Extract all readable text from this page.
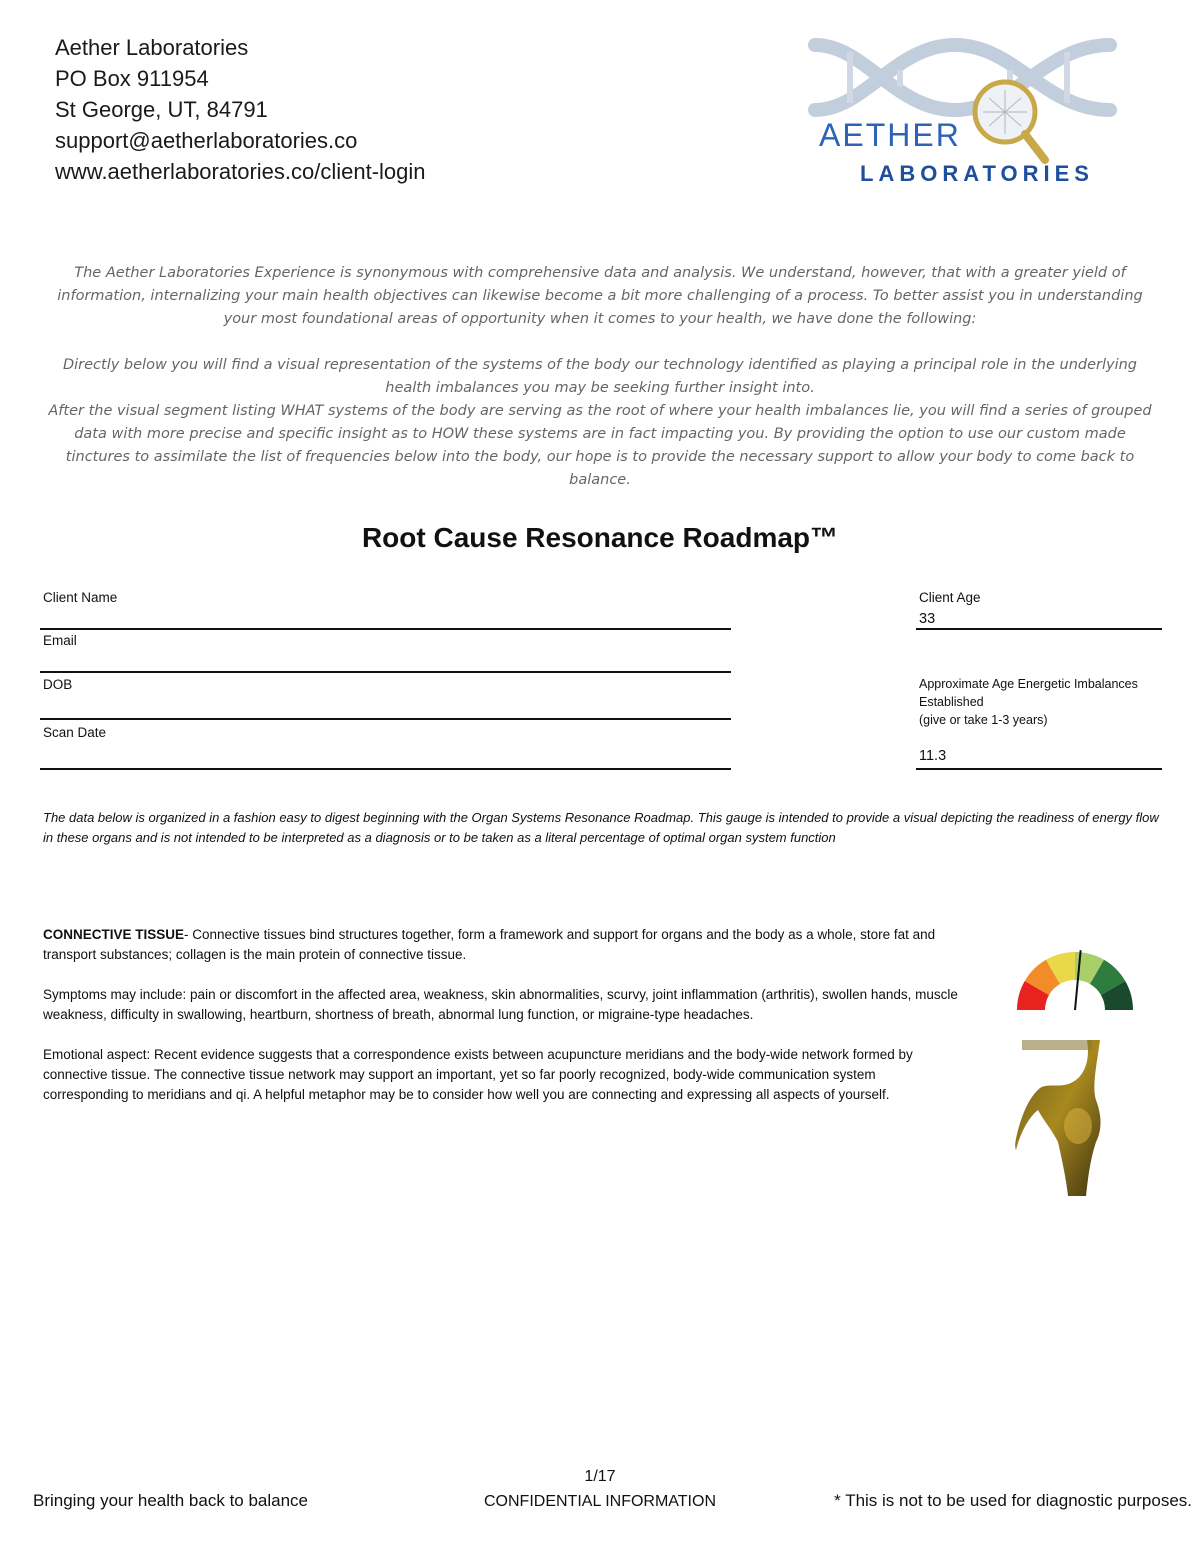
Aether Laboratories
PO Box 911954
St George, UT, 84791
support@aetherlaboratories.co
www.aetherlaboratories.co/client-login
AETHER
LABORATORIES

The Aether Laboratories Experience is synonymous with comprehensive data and analysis. We understand, however, that with a greater yield of information, internalizing your main health objectives can likewise become a bit more challenging of a process. To better assist you in understanding your most foundational areas of opportunity when it comes to your health, we have done the following:

Directly below you will find a visual representation of the systems of the body our technology identified as playing a principal role in the underlying health imbalances you may be seeking further insight into.

After the visual segment listing WHAT systems of the body are serving as the root of where your health imbalances lie, you will find a series of grouped data with more precise and specific insight as to HOW these systems are in fact impacting you. By providing the option to use our custom made tinctures to assimilate the list of frequencies below into the body, our hope is to provide the necessary support to allow your body to come back to balance.

Root Cause Resonance Roadmap™
Client Name
Email
DOB
Scan Date
Client Age
33
Approximate Age Energetic Imbalances
Established
(give or take 1-3 years)
11.3
The data below is organized in a fashion easy to digest beginning with the Organ Systems Resonance Roadmap. This gauge is intended to provide a visual depicting the readiness of energy flow in these organs and is not intended to be interpreted as a diagnosis or to be taken as a literal percentage of optimal organ system function

CONNECTIVE TISSUE- Connective tissues bind structures together, form a framework and support for organs and the body as a whole, store fat and transport substances; collagen is the main protein of connective tissue.

Symptoms may include: pain or discomfort in the affected area, weakness, skin abnormalities, scurvy, joint inflammation (arthritis), swollen hands, muscle weakness, difficulty in swallowing, heartburn, shortness of breath, abnormal lung function, or migraine-type headaches.

Emotional aspect: Recent evidence suggests that a correspondence exists between acupuncture meridians and the body-wide network formed by connective tissue. The connective tissue network may support an important, yet so far poorly recognized, body-wide communication system corresponding to meridians and qi. A helpful metaphor may be to consider how well you are connecting and expressing all aspects of yourself.

1/17
Bringing your health back to balance	CONFIDENTIAL INFORMATION	* This is not to be used for diagnostic purposes.
